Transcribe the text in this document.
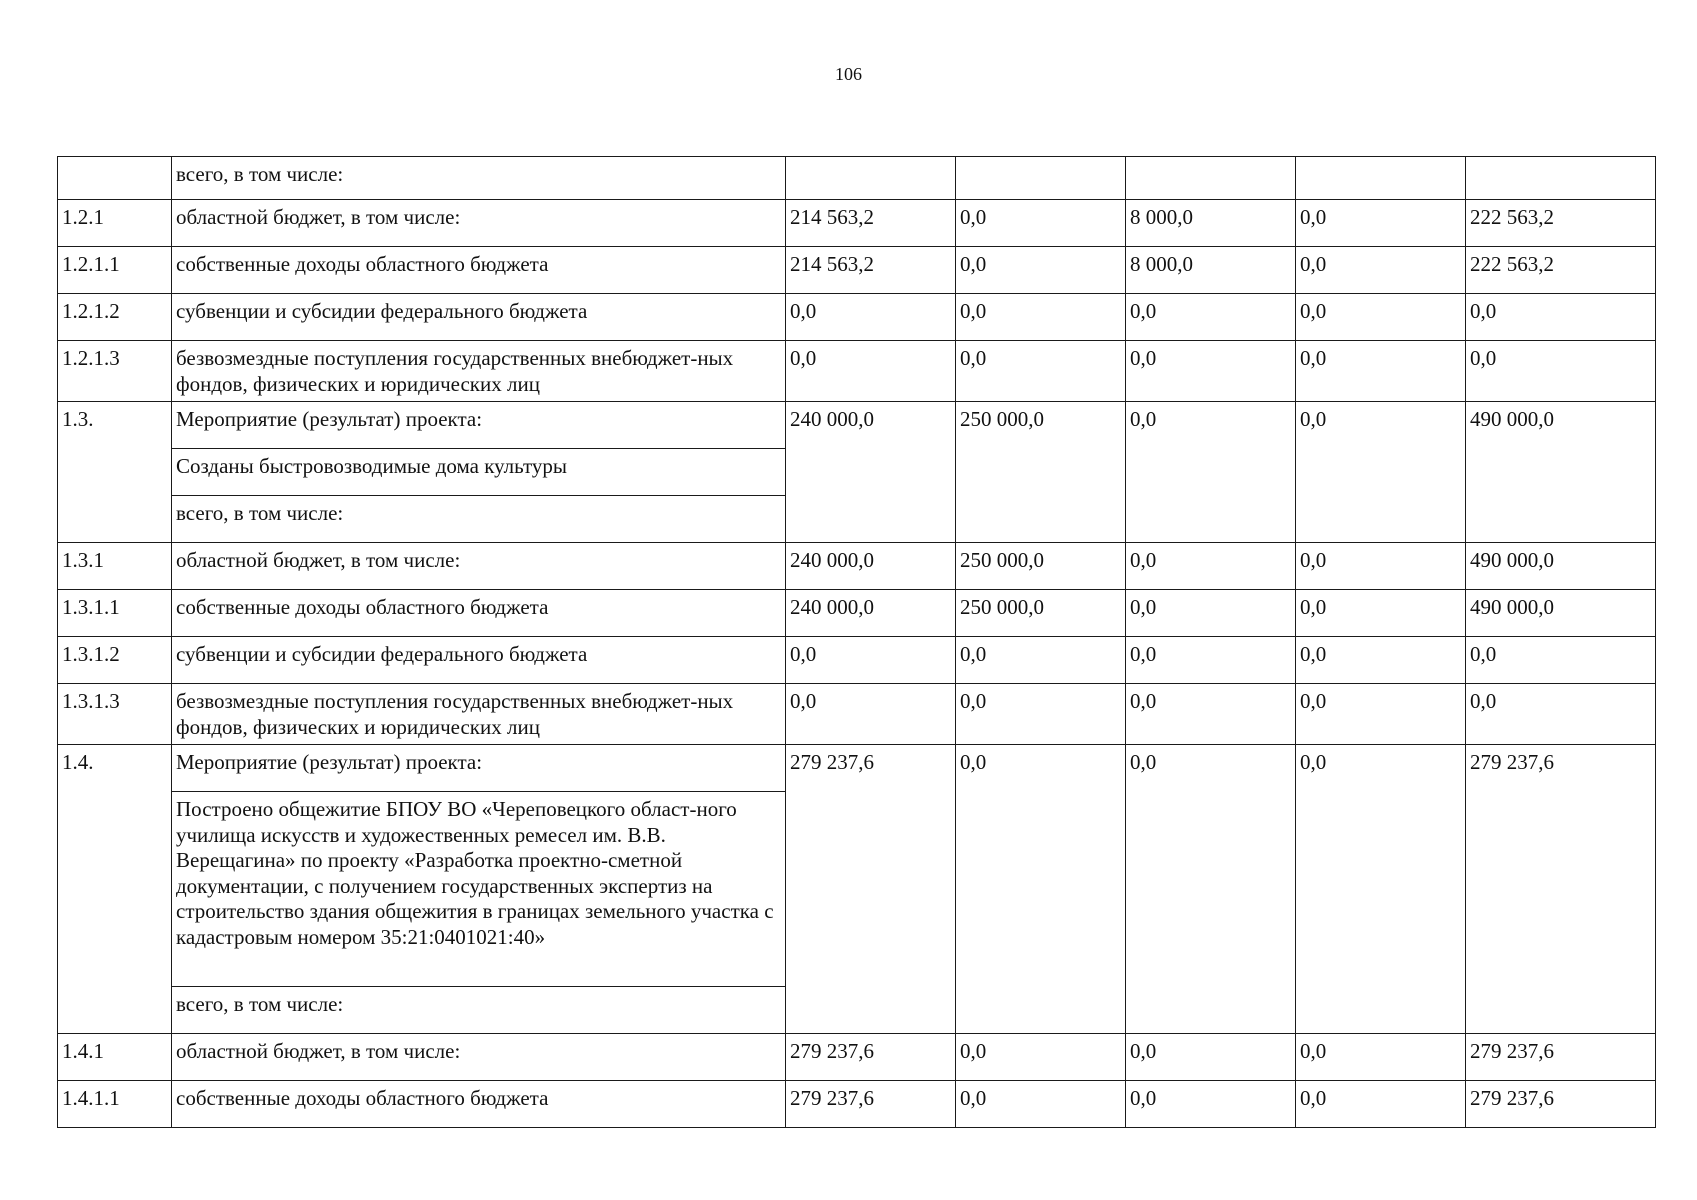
106
	всего, в том числе:					
1.2.1	областной бюджет, в том числе:	214 563,2	0,0	8 000,0	0,0	222 563,2
1.2.1.1	собственные доходы областного бюджета	214 563,2	0,0	8 000,0	0,0	222 563,2
1.2.1.2	субвенции и субсидии федерального бюджета	0,0	0,0	0,0	0,0	0,0
1.2.1.3	безвозмездные поступления государственных внебюджет-ных фондов, физических и юридических лиц	0,0	0,0	0,0	0,0	0,0
1.3.	Мероприятие (результат) проекта:	240 000,0	250 000,0	0,0	0,0	490 000,0
	Созданы быстровозводимые дома культуры					
	всего, в том числе:					
1.3.1	областной бюджет, в том числе:	240 000,0	250 000,0	0,0	0,0	490 000,0
1.3.1.1	собственные доходы областного бюджета	240 000,0	250 000,0	0,0	0,0	490 000,0
1.3.1.2	субвенции и субсидии федерального бюджета	0,0	0,0	0,0	0,0	0,0
1.3.1.3	безвозмездные поступления государственных внебюджет-ных фондов, физических и юридических лиц	0,0	0,0	0,0	0,0	0,0
1.4.	Мероприятие (результат) проекта:	279 237,6	0,0	0,0	0,0	279 237,6
	Построено общежитие БПОУ ВО «Череповецкого област-ного училища искусств и художественных ремесел им. В.В. Верещагина» по проекту «Разработка проектно-сметной документации, с получением государственных экспертиз на строительство здания общежития в границах земельного участка с кадастровым номером 35:21:0401021:40»					
	всего, в том числе:					
1.4.1	областной бюджет, в том числе:	279 237,6	0,0	0,0	0,0	279 237,6
1.4.1.1	собственные доходы областного бюджета	279 237,6	0,0	0,0	0,0	279 237,6
